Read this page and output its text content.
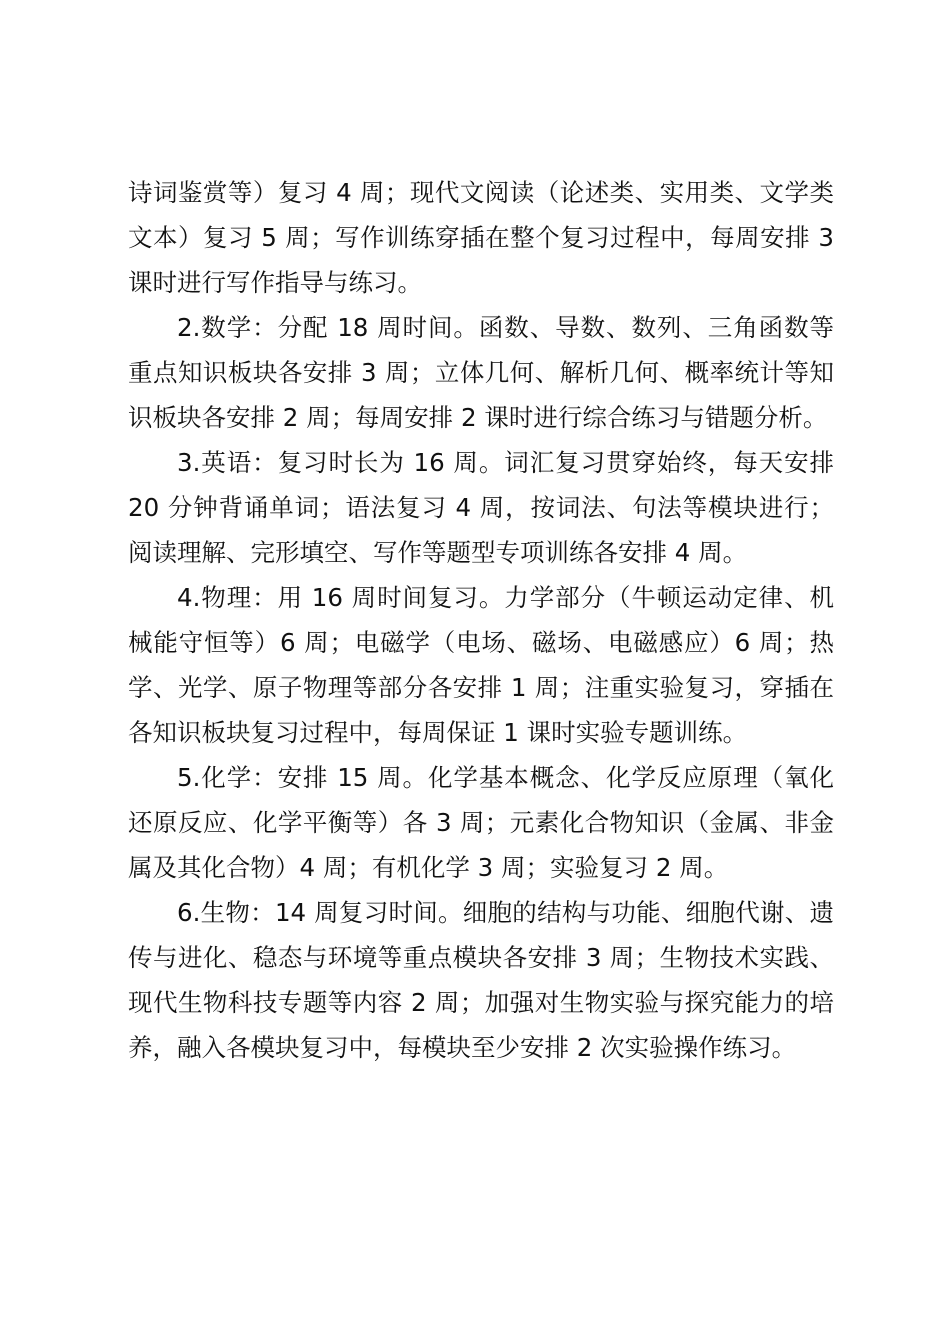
诗词鉴赏等）复习 4 周；现代文阅读（论述类、实用类、文学类文本）复习 5 周；写作训练穿插在整个复习过程中，每周安排 3 课时进行写作指导与练习。

2.数学：分配 18 周时间。函数、导数、数列、三角函数等重点知识板块各安排 3 周；立体几何、解析几何、概率统计等知识板块各安排 2 周；每周安排 2 课时进行综合练习与错题分析。

3.英语：复习时长为 16 周。词汇复习贯穿始终，每天安排 20 分钟背诵单词；语法复习 4 周，按词法、句法等模块进行；阅读理解、完形填空、写作等题型专项训练各安排 4 周。

4.物理：用 16 周时间复习。力学部分（牛顿运动定律、机械能守恒等）6 周；电磁学（电场、磁场、电磁感应）6 周；热学、光学、原子物理等部分各安排 1 周；注重实验复习，穿插在各知识板块复习过程中，每周保证 1 课时实验专题训练。

5.化学：安排 15 周。化学基本概念、化学反应原理（氧化还原反应、化学平衡等）各 3 周；元素化合物知识（金属、非金属及其化合物）4 周；有机化学 3 周；实验复习 2 周。

6.生物：14 周复习时间。细胞的结构与功能、细胞代谢、遗传与进化、稳态与环境等重点模块各安排 3 周；生物技术实践、现代生物科技专题等内容 2 周；加强对生物实验与探究能力的培养，融入各模块复习中，每模块至少安排 2 次实验操作练习。
